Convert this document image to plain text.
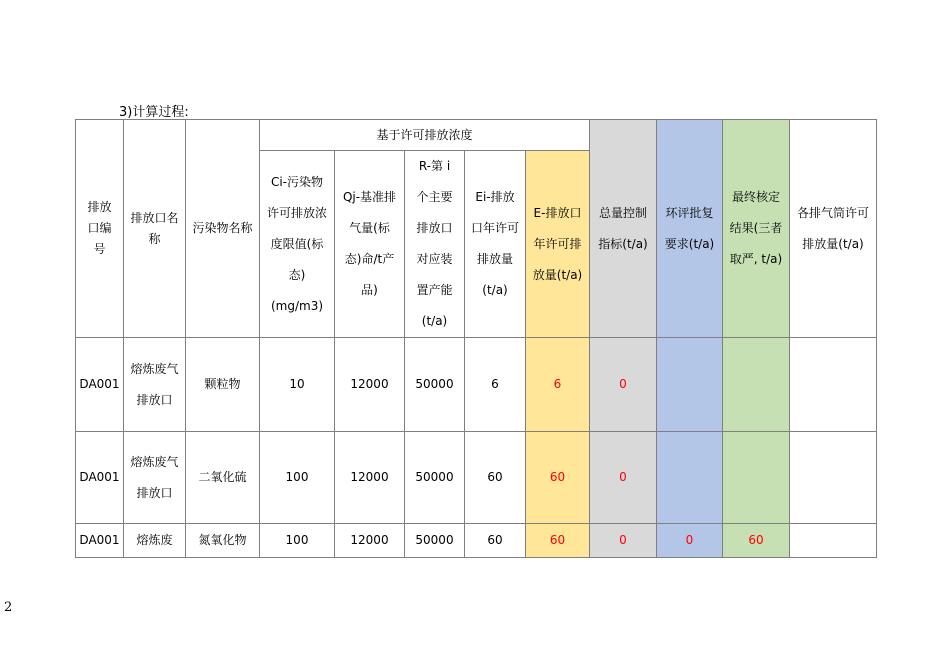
3)计算过程:
排放口编号	排放口名称	污染物名称	基于许可排放浓度					总量控制指标(t/a)	环评批复要求(t/a)	最终核定结果(三者取严, t/a)	各排气筒许可排放量(t/a)
			Ci-污染物许可排放浓度限值(标态)(mg/m3)	Qj-基准排气量(标态)命/t产品)	R-第 i 个主要排放口对应装置产能(t/a)	Ei-排放口年许可排放量(t/a)	E-排放口年许可排放量(t/a)				
DA001	熔炼废气排放口	颗粒物	10	12000	50000	6	6	0			
DA001	熔炼废气排放口	二氧化硫	100	12000	50000	60	60	0			
DA001	熔炼废	氮氧化物	100	12000	50000	60	60	0	0	60	
2
